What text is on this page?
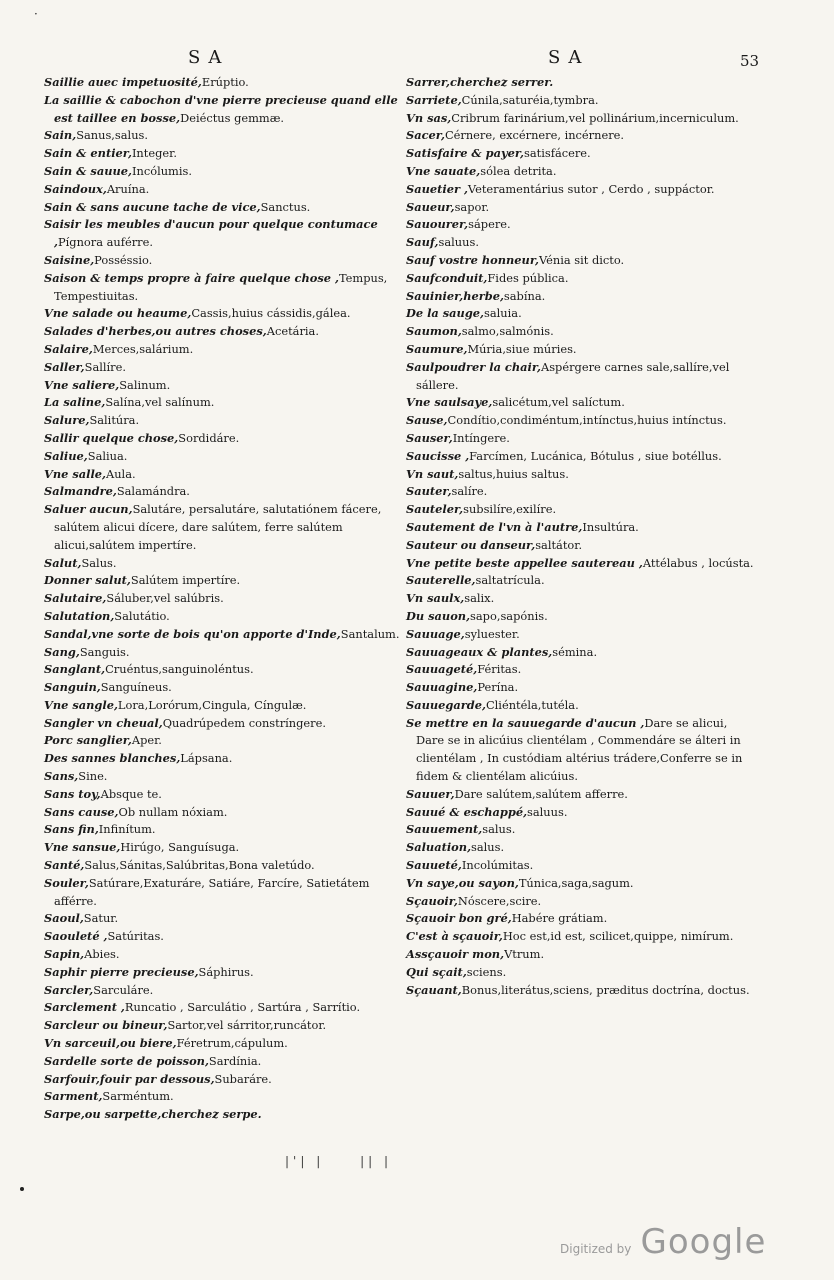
·
SA	SA	53
Saillie auec impetuosité,Erúptio.
La saillie & cabochon d'vne pierre precieuse quand elle est taillee en bosse,Deiéctus gemmæ.
Sain,Sanus,salus.
Sain & entier,Integer.
Sain & sauue,Incólumis.
Saindoux,Aruína.
Sain & sans aucune tache de vice,Sanctus.
Saisir les meubles d'aucun pour quelque contumace ,Pígnora auférre.
Saisine,Posséssio.
Saison & temps propre à faire quelque chose ,Tempus, Tempestiuitas.
Vne salade ou heaume,Cassis,huius cássidis,gálea.
Salades d'herbes,ou autres choses,Acetária.
Salaire,Merces,salárium.
Saller,Sallíre.
Vne saliere,Salinum.
La saline,Salína,vel salínum.
Salure,Salitúra.
Sallir quelque chose,Sordidáre.
Saliue,Saliua.
Vne salle,Aula.
Salmandre,Salamándra.
Saluer aucun,Salutáre, persalutáre, salutatiónem fácere, salútem alicui dícere, dare salútem, ferre salútem alicui,salútem impertíre.
Salut,Salus.
Donner salut,Salútem impertíre.
Salutaire,Sáluber,vel salúbris.
Salutation,Salutátio.
Sandal,vne sorte de bois qu'on apporte d'Inde,Santalum.
Sang,Sanguis.
Sanglant,Cruéntus,sanguinoléntus.
Sanguin,Sanguíneus.
Vne sangle,Lora,Lorórum,Cingula, Cíngulæ.
Sangler vn cheual,Quadrúpedem constríngere.
Porc sanglier,Aper.
Des sannes blanches,Lápsana.
Sans,Sine.
Sans toy,Absque te.
Sans cause,Ob nullam nóxiam.
Sans fin,Infinítum.
Vne sansue,Hirúgo, Sanguísuga.
Santé,Salus,Sánitas,Salúbritas,Bona valetúdo.
Souler,Satúrare,Exaturáre, Satiáre, Farcíre, Satietátem afférre.
Saoul,Satur.
Saouleté ,Satúritas.
Sapin,Abies.
Saphir pierre precieuse,Sáphirus.
Sarcler,Sarculáre.
Sarclement ,Runcatio , Sarculátio , Sartúra , Sarrítio.
Sarcleur ou bineur,Sartor,vel sárritor,runcátor.
Vn sarceuil,ou biere,Féretrum,cápulum.
Sardelle sorte de poisson,Sardínia.
Sarfouir,fouir par dessous,Subaráre.
Sarment,Sarméntum.
Sarpe,ou sarpette,cherchez serpe.
Sarrer,cherchez serrer.
Sarriete,Cúnila,saturéia,tymbra.
Vn sas,Cribrum farinárium,vel pollinárium,incerniculum.
Sacer,Cérnere, excérnere, incérnere.
Satisfaire & payer,satisfácere.
Vne sauate,sólea detrita.
Sauetier ,Veteramentárius sutor , Cerdo , suppáctor.
Saueur,sapor.
Sauourer,sápere.
Sauf,saluus.
Sauf vostre honneur,Vénia sit dicto.
Saufconduit,Fides pública.
Sauinier,herbe,sabína.
De la sauge,saluia.
Saumon,salmo,salmónis.
Saumure,Múria,siue múries.
Saulpoudrer la chair,Aspérgere carnes sale,sallíre,vel sállere.
Vne saulsaye,salicétum,vel salíctum.
Sause,Condítio,condiméntum,intínctus,huius intínctus.
Sauser,Intíngere.
Saucisse ,Farcímen, Lucánica, Bótulus , siue botéllus.
Vn saut,saltus,huius saltus.
Sauter,salíre.
Sauteler,subsilíre,exilíre.
Sautement de l'vn à l'autre,Insultúra.
Sauteur ou danseur,saltátor.
Vne petite beste appellee sautereau ,Attélabus , locústa.
Sauterelle,saltatrícula.
Vn saulx,salix.
Du sauon,sapo,sapónis.
Sauuage,syluester.
Sauuageaux & plantes,sémina.
Sauuageté,Féritas.
Sauuagine,Perína.
Sauuegarde,Cliéntéla,tutéla.
Se mettre en la sauuegarde d'aucun ,Dare se alicui, Dare se in alicúius clientélam , Commendáre se álteri in clientélam , In custódiam altérius trádere,Conferre se in fidem & clientélam alicúius.
Sauuer,Dare salútem,salútem afferre.
Sauué & eschappé,saluus.
Sauuement,salus.
Saluation,salus.
Sauueté,Incolúmitas.
Vn saye,ou sayon,Túnica,saga,sagum.
Sçauoir,Nóscere,scire.
Sçauoir bon gré,Habére grátiam.
C'est à sçauoir,Hoc est,id est, scilicet,quippe, nimírum.
Assçauoir mon,Vtrum.
Qui sçait,sciens.
Sçauant,Bonus,literátus,sciens, præditus doctrína, doctus.
|'| |	|| |
Digitized by Google
